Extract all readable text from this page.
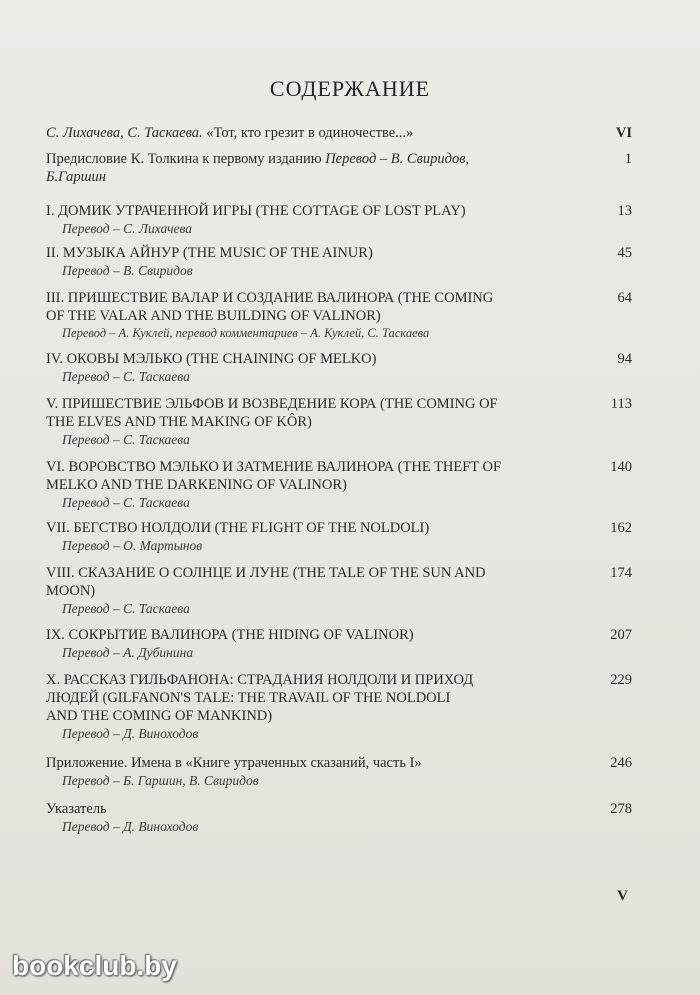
СОДЕРЖАНИЕ
С. Лихачева, С. Таскаева. «Тот, кто грезит в одиночестве...»	VI
Предисловие К. Толкина к первому изданию Перевод – В. Свиридов,	1
Б.Гаршин
I. ДОМИК УТРАЧЕННОЙ ИГРЫ (THE COTTAGE OF LOST PLAY)	13
Перевод – С. Лихачева
II. МУЗЫКА АЙНУР (THE MUSIC OF THE AINUR)	45
Перевод – В. Свиридов
III. ПРИШЕСТВИЕ ВАЛАР И СОЗДАНИЕ ВАЛИНОРА (THE COMING	64
OF THE VALAR AND THE BUILDING OF VALINOR)
Перевод – А. Куклей, перевод комментариев – А. Куклей, С. Таскаева
IV. ОКОВЫ МЭЛЬКО (THE CHAINING OF MELKO)	94
Перевод – С. Таскаева
V. ПРИШЕСТВИЕ ЭЛЬФОВ И ВОЗВЕДЕНИЕ КОРА (THE COMING OF	113
THE ELVES AND THE MAKING OF KÔR)
Перевод – С. Таскаева
VI. ВОРОВСТВО МЭЛЬКО И ЗАТМЕНИЕ ВАЛИНОРА (THE THEFT OF	140
MELKO AND THE DARKENING OF VALINOR)
Перевод – С. Таскаева
VII. БЕГСТВО НОЛДОЛИ (THE FLIGHT OF THE NOLDOLI)	162
Перевод – О. Мартынов
VIII. СКАЗАНИЕ О СОЛНЦЕ И ЛУНЕ (THE TALE OF THE SUN AND	174
MOON)
Перевод – С. Таскаева
IX. СОКРЫТИЕ ВАЛИНОРА (THE HIDING OF VALINOR)	207
Перевод – А. Дубинина
X. РАССКАЗ ГИЛЬФАНОНА: СТРАДАНИЯ НОЛДОЛИ И ПРИХОД	229
ЛЮДЕЙ (GILFANON'S TALE: THE TRAVAIL OF THE NOLDOLI
AND THE COMING OF MANKIND)
Перевод – Д. Виноходов
Приложение. Имена в «Книге утраченных сказаний, часть I»	246
Перевод – Б. Гаршин, В. Свиридов
Указатель	278
Перевод – Д. Виноходов
V
bookclub.by
